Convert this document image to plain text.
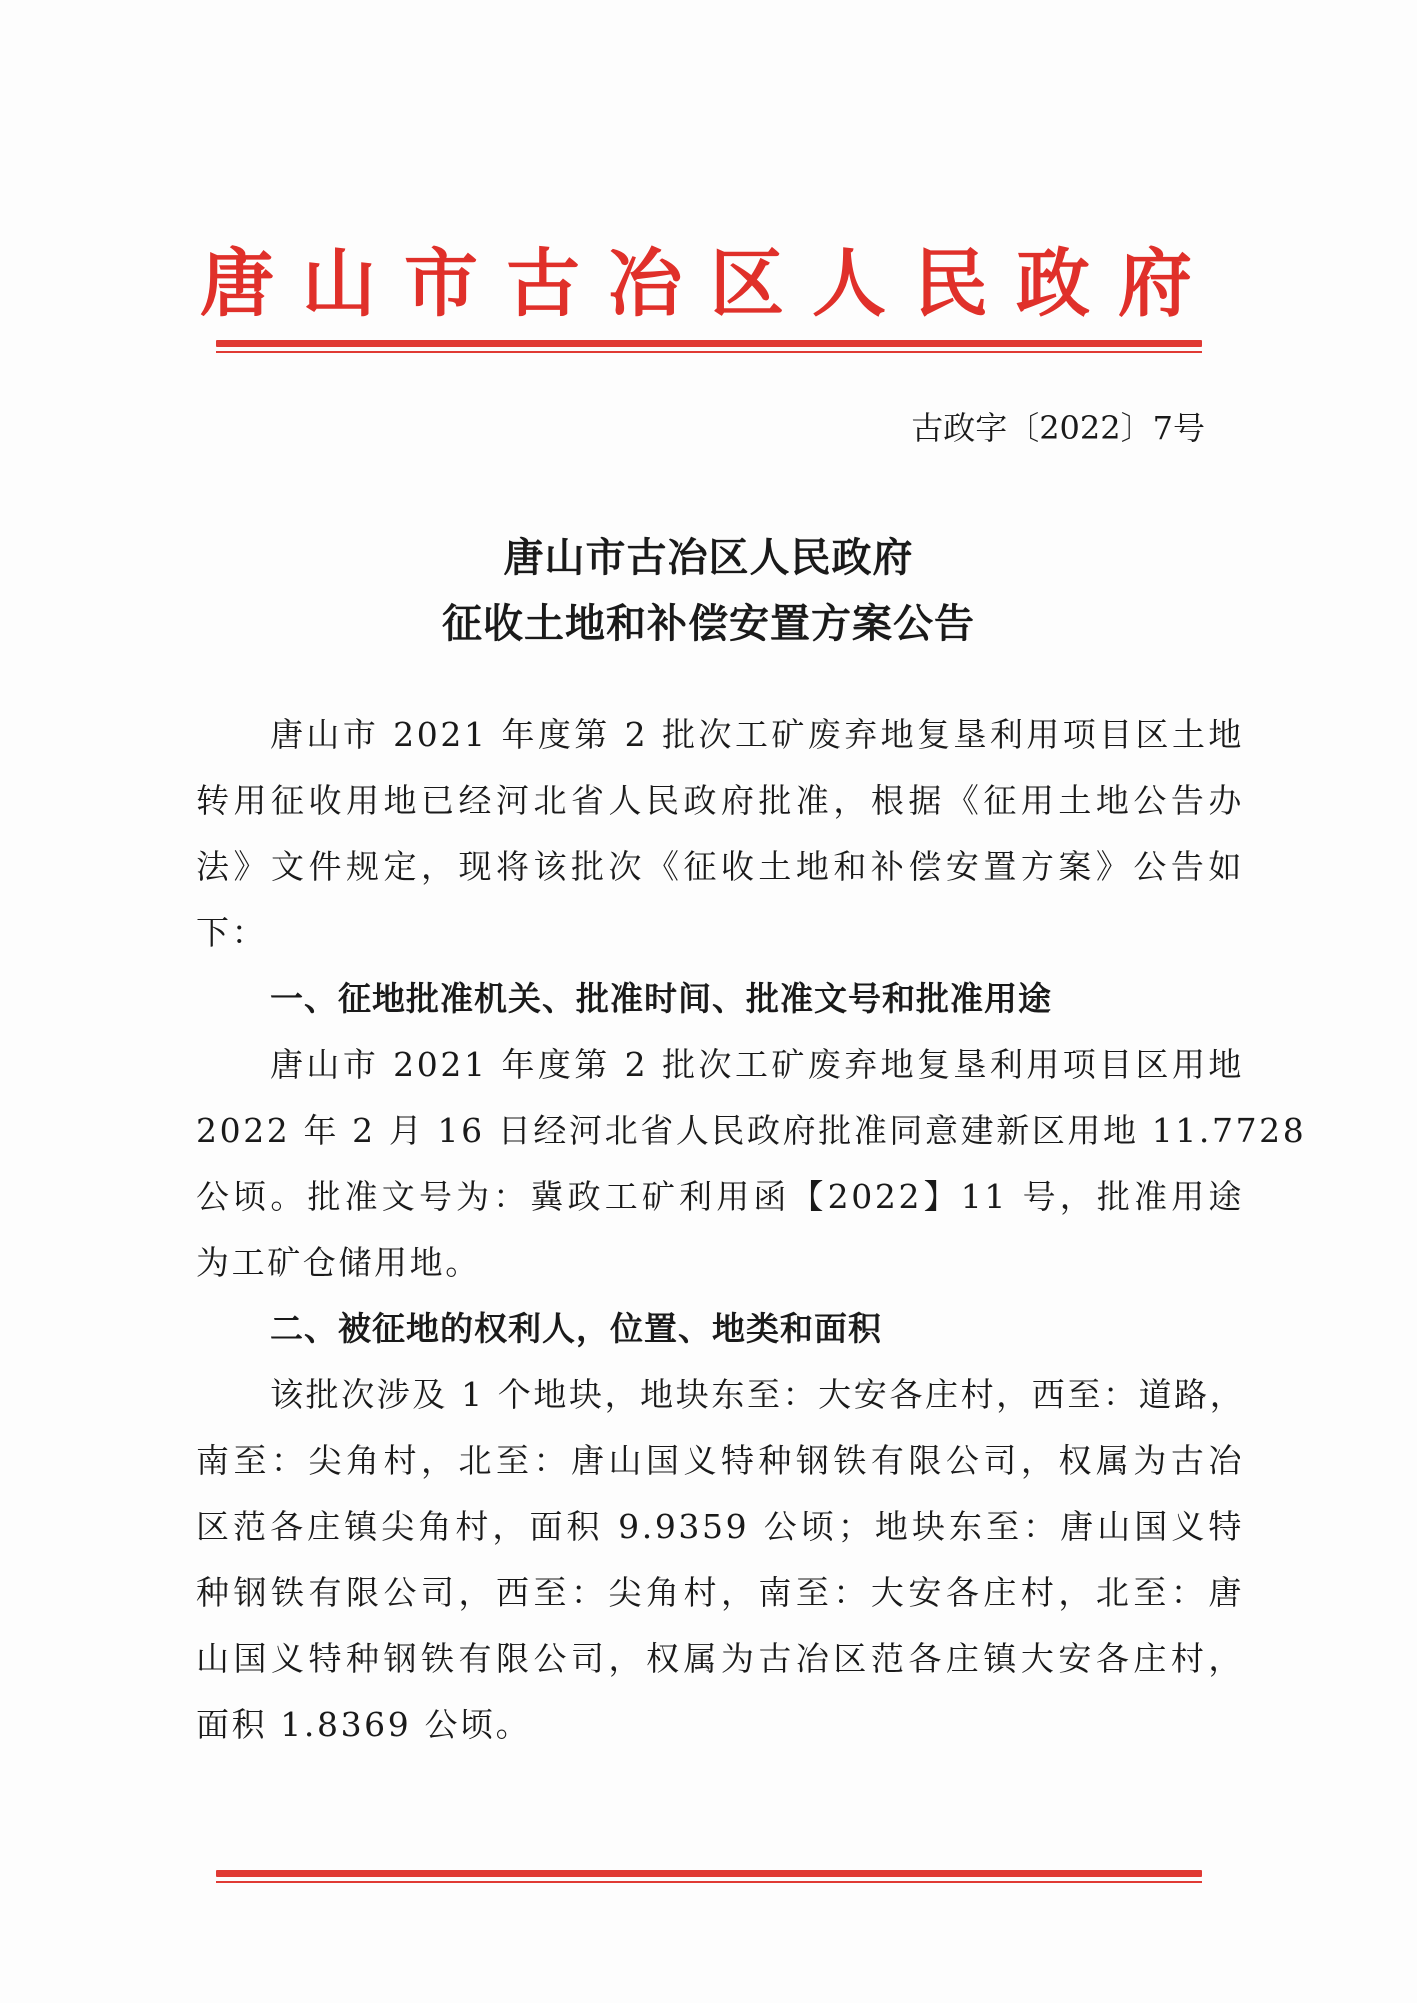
唐山市古冶区人民政府
古政字〔2022〕7号
唐山市古冶区人民政府
征收土地和补偿安置方案公告
唐山市 2021 年度第 2 批次工矿废弃地复垦利用项目区土地
转用征收用地已经河北省人民政府批准，根据《征用土地公告办
法》文件规定，现将该批次《征收土地和补偿安置方案》公告如
下：
一、征地批准机关、批准时间、批准文号和批准用途
唐山市 2021 年度第 2 批次工矿废弃地复垦利用项目区用地
2022 年 2 月 16 日经河北省人民政府批准同意建新区用地 11.7728
公顷。批准文号为：冀政工矿利用函【2022】11 号，批准用途
为工矿仓储用地。
二、被征地的权利人，位置、地类和面积
该批次涉及 1 个地块，地块东至：大安各庄村，西至：道路，
南至：尖角村，北至：唐山国义特种钢铁有限公司，权属为古冶
区范各庄镇尖角村，面积 9.9359 公顷；地块东至：唐山国义特
种钢铁有限公司，西至：尖角村，南至：大安各庄村，北至：唐
山国义特种钢铁有限公司，权属为古冶区范各庄镇大安各庄村，
面积 1.8369 公顷。
